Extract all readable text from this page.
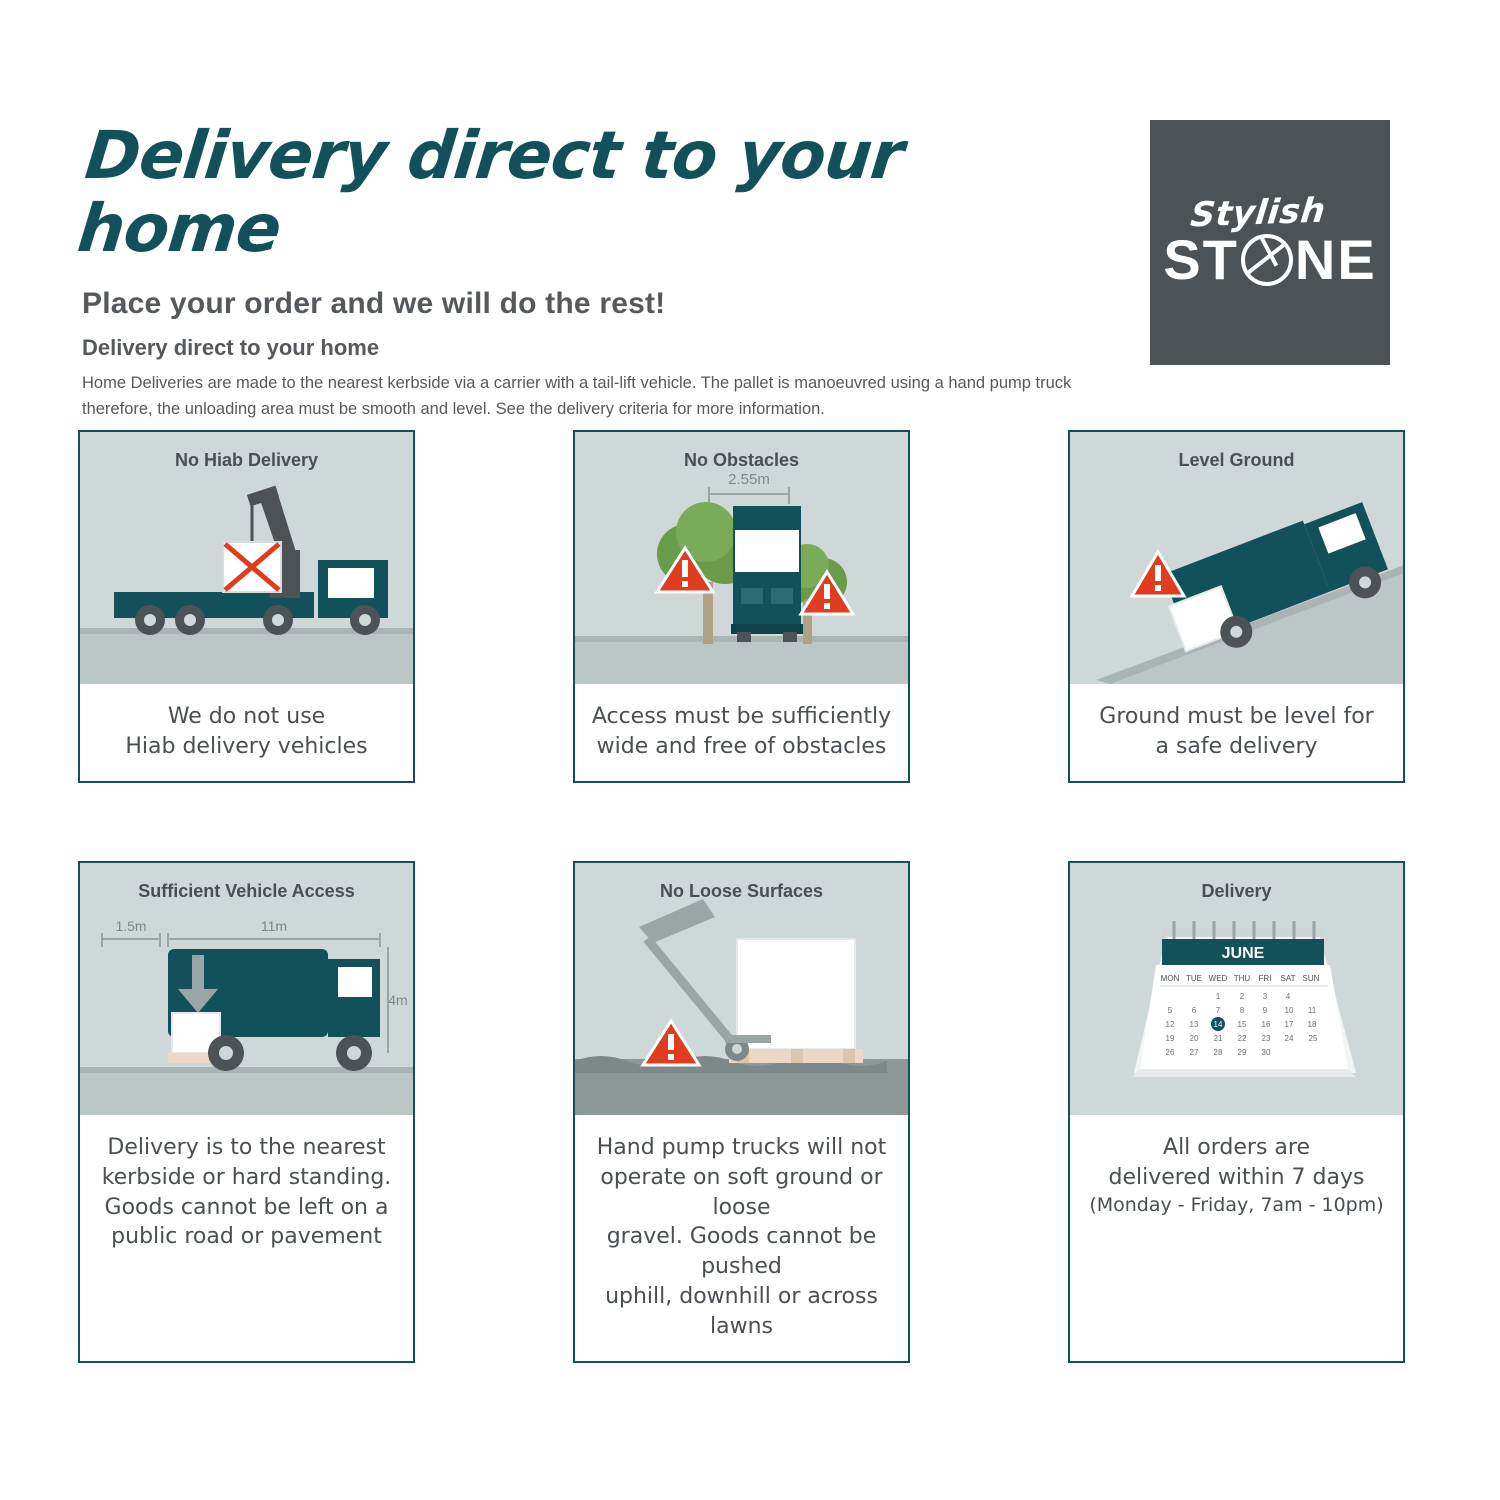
Delivery direct to your home
Place your order and we will do the rest!
Delivery direct to your home

Home Deliveries are made to the nearest kerbside via a carrier with a tail-lift vehicle. The pallet is manoeuvred using a hand pump truck therefore, the unloading area must be smooth and level. See the delivery criteria for more information.

Stylish
ST NE
No Hiab Delivery
We do not use
Hiab delivery vehicles
No Obstacles
2.55m
Access must be sufficiently
wide and free of obstacles
Level Ground
Ground must be level for
a safe delivery
Sufficient Vehicle Access
1.5m	11m
4m
Delivery is to the nearest
kerbside or hard standing.
Goods cannot be left on a
public road or pavement
No Loose Surfaces
Hand pump trucks will not
operate on soft ground or loose
gravel. Goods cannot be pushed
uphill, downhill or across lawns
Delivery
JUNE
MON TUE WED THU FRI SAT SUN
1 2 3 4
5 6 7 8 9 10 11
12 13	15 16 17 18
19 20 21 22 23 24 25
26 27 28 29 30
14
All orders are
delivered within 7 days

(Monday - Friday, 7am - 10pm)
